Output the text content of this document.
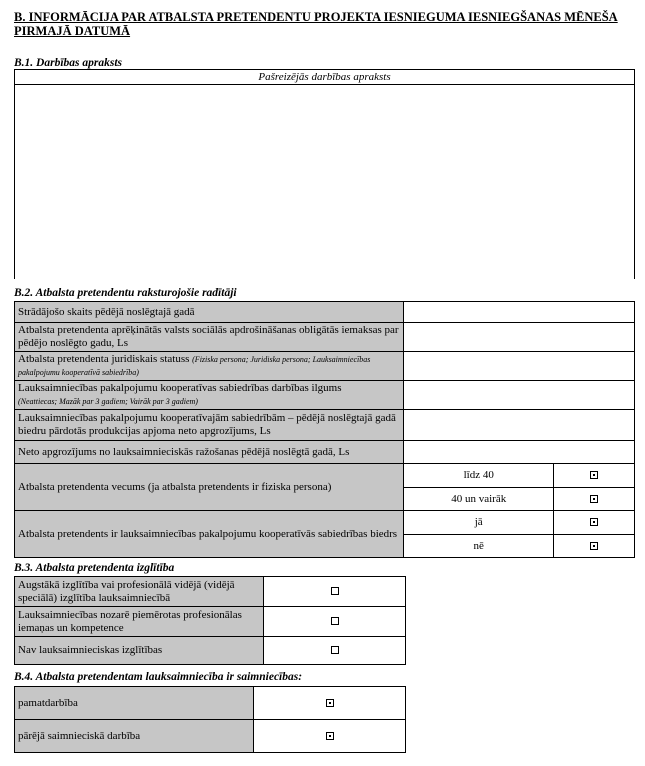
B. INFORMĀCIJA PAR ATBALSTA PRETENDENTU PROJEKTA IESNIEGUMA IESNIEGŠANAS MĒNEŠA PIRMAJĀ DATUMĀ
B.1. Darbības apraksts
Pašreizējās darbības apraksts
B.2. Atbalsta pretendentu raksturojošie radītāji
Strādājošo skaits pēdējā noslēgtajā gadā		
Atbalsta pretendenta aprēķinātās valsts sociālās apdrošināšanas obligātās iemaksas par pēdējo noslēgto gadu, Ls		
Atbalsta pretendenta juridiskais statuss (Fiziska persona; Juridiska persona; Lauksaimniecības pakalpojumu kooperatīvā sabiedrība)		
Lauksaimniecības pakalpojumu kooperatīvas sabiedrības darbības ilgums
(Neattiecas; Mazāk par 3 gadiem; Vairāk par 3 gadiem)		
Lauksaimniecības pakalpojumu kooperatīvajām sabiedrībām – pēdējā noslēgtajā gadā biedru pārdotās produkcijas apjoma neto apgrozījums, Ls		
Neto apgrozījums no lauksaimnieciskās ražošanas pēdējā noslēgtā gadā, Ls		
Atbalsta pretendenta vecums (ja atbalsta pretendents ir fiziska persona)	līdz 40	
	40 un vairāk	
Atbalsta pretendents ir lauksaimniecības pakalpojumu kooperatīvās sabiedrības biedrs	jā	
	nē	
B.3. Atbalsta pretendenta izglītība
Augstākā izglītība vai profesionālā vidējā (vidējā speciālā) izglītība lauksaimniecībā	
Lauksaimniecības nozarē piemērotas profesionālas iemaņas un kompetence	
Nav lauksaimnieciskas izglītības	
B.4. Atbalsta pretendentam lauksaimniecība ir saimniecības:
pamatdarbība	
pārējā saimnieciskā darbība	
